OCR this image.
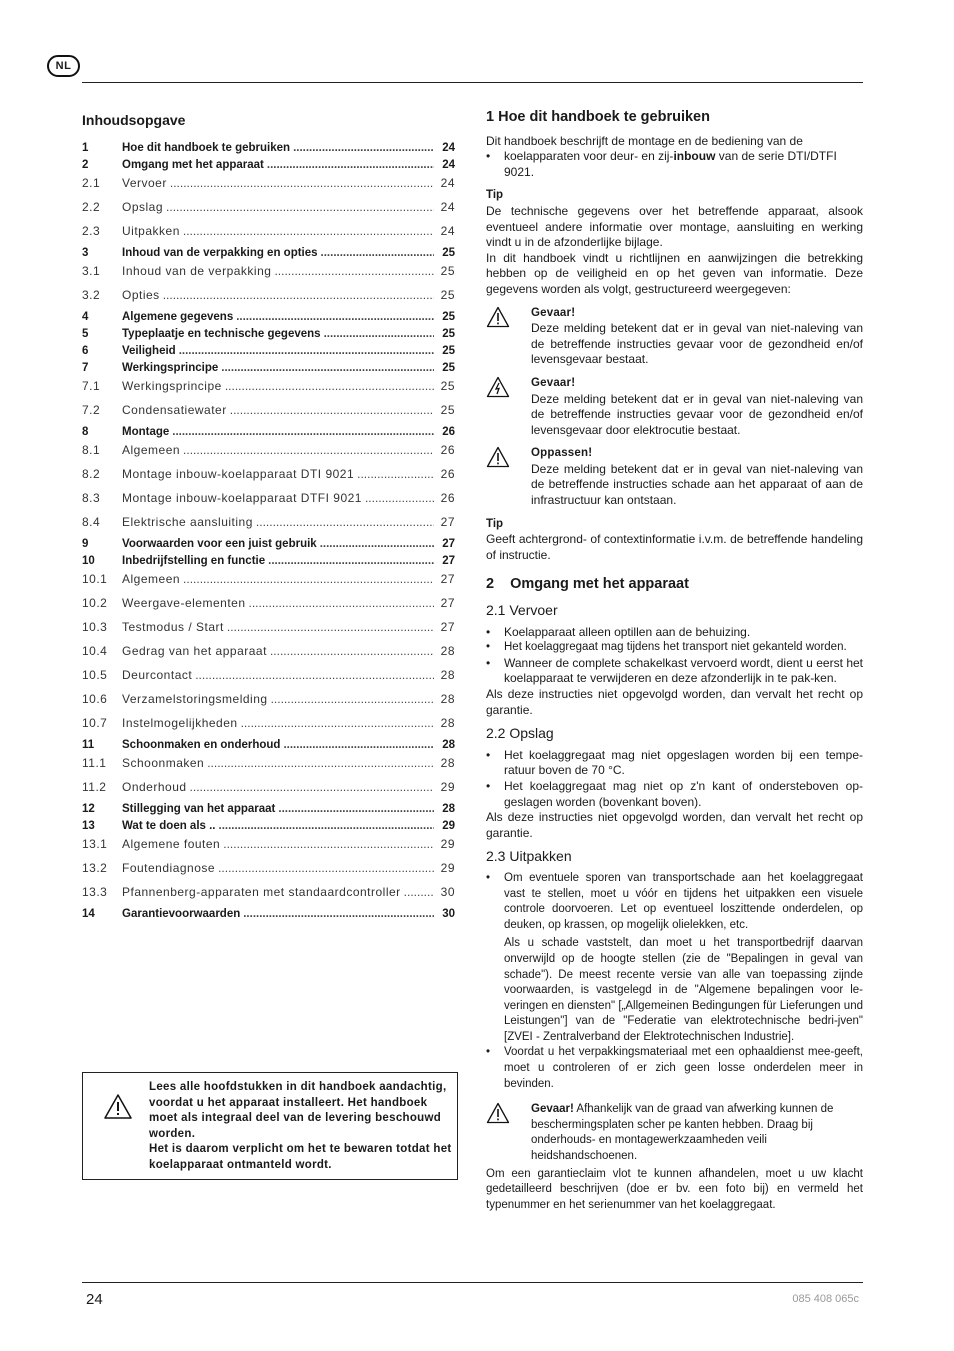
NL
Inhoudsopgave
1	Hoe dit handboek te gebruiken .....	24
2	Omgang met het apparaat .....	24
2.1	Vervoer .....	24
2.2	Opslag .....	24
2.3	Uitpakken .....	24
3	Inhoud van de verpakking en opties .....	25
3.1	Inhoud van de verpakking .....	25
3.2	Opties .....	25
4	Algemene gegevens .....	25
5	Typeplaatje en technische gegevens .....	25
6	Veiligheid .....	25
7	Werkingsprincipe .....	25
7.1	Werkingsprincipe .....	25
7.2	Condensatiewater .....	25
8	Montage .....	26
8.1	Algemeen .....	26
8.2	Montage inbouw-koelapparaat DTI 9021 .....	26
8.3	Montage inbouw-koelapparaat DTFI 9021 .....	26
8.4	Elektrische aansluiting .....	27
9	Voorwaarden voor een juist gebruik .....	27
10	Inbedrijfstelling en functie .....	27
10.1	Algemeen .....	27
10.2	Weergave-elementen .....	27
10.3	Testmodus / Start .....	27
10.4	Gedrag van het apparaat .....	28
10.5	Deurcontact .....	28
10.6	Verzamelstoringsmelding .....	28
10.7	Instelmogelijkheden .....	28
11	Schoonmaken en onderhoud .....	28
11.1	Schoonmaken .....	28
11.2	Onderhoud .....	29
12	Stillegging van het apparaat .....	28
13	Wat te doen als .. .....	29
13.1	Algemene fouten .....	29
13.2	Foutendiagnose .....	29
13.3	Pfannenberg-apparaten met standaardcontroller .....	30
14	Garantievoorwaarden .....	30
Lees alle hoofdstukken in dit handboek aandachtig, voordat u het apparaat installeert. Het handboek moet als integraal deel van de levering beschouwd worden.
Het is daarom verplicht om het te bewaren totdat het koelapparaat ontmanteld wordt.
1 Hoe dit handboek te gebruiken

Dit handboek beschrijft de montage en de bediening van de

• koelapparaten voor deur- en zij-inbouw van de serie DTI/DTFI 9021.
Tip

De technische gegevens over het betreffende apparaat, alsook eventueel andere informatie over montage, aansluiting en werking vindt u in de afzonderlijke bijlage.

In dit handboek vindt u richtlijnen en aanwijzingen die betrekking hebben op de veiligheid en op het geven van informatie. Deze gegevens worden als volgt, gestructureerd weergegeven:

Gevaar!
Deze melding betekent dat er in geval van niet-naleving van de betreffende instructies gevaar voor de gezondheid en/of levensgevaar bestaat.
Gevaar!
Deze melding betekent dat er in geval van niet-naleving van de betreffende instructies gevaar voor de gezondheid en/of levensgevaar door elektrocutie bestaat.
Oppassen!
Deze melding betekent dat er in geval van niet-naleving van de betreffende instructies schade aan het apparaat of aan de infrastructuur kan ontstaan.
Tip

Geeft achtergrond- of contextinformatie i.v.m. de betreffende handeling of instructie.

2 Omgang met het apparaat
2.1 Vervoer
• Koelapparaat alleen optillen aan de behuizing.
• Het koelaggregaat mag tijdens het transport niet gekanteld worden.
• Wanneer de complete schakelkast vervoerd wordt, dient u eerst het koelapparaat te verwijderen en deze afzonderlijk in te pak-ken.

Als deze instructies niet opgevolgd worden, dan vervalt het recht op garantie.

2.2 Opslag
• Het koelaggregaat mag niet opgeslagen worden bij een tempe-ratuur boven de 70 °C.
• Het koelaggregaat mag niet op z'n kant of ondersteboven op-geslagen worden (bovenkant boven).

Als deze instructies niet opgevolgd worden, dan vervalt het recht op garantie.

2.3 Uitpakken
• Om eventuele sporen van transportschade aan het koelaggregaat vast te stellen, moet u vóór en tijdens het uitpakken een visuele controle doorvoeren. Let op eventueel loszittende onderdelen, op deuken, op krassen, op mogelijk olielekken, etc.
Als u schade vaststelt, dan moet u het transportbedrijf daarvan onverwijld op de hoogte stellen (zie de "Bepalingen in geval van schade"). De meest recente versie van alle van toepassing zijnde voorwaarden, is vastgelegd in de "Algemene bepalingen voor le-veringen en diensten" [„Allgemeinen Bedingungen für Lieferungen und Leistungen"] van de "Federatie van elektrotechnische bedri-jven" [ZVEI - Zentralverband der Elektrotechnischen Industrie].
• Voordat u het verpakkingsmateriaal met een ophaaldienst mee-geeft, moet u controleren of er zich geen losse onderdelen meer in bevinden.
Gevaar! Afhankelijk van de graad van afwerking kunnen de beschermingsplaten scher pe kanten hebben. Draag bij onderhouds- en montagewerkzaamheden veili heidshandschoenen.

Om een garantieclaim vlot te kunnen afhandelen, moet u uw klacht gedetailleerd beschrijven (doe er bv. een foto bij) en vermeld het typenummer en het serienummer van het koelaggregaat.

24	085 408 065c
